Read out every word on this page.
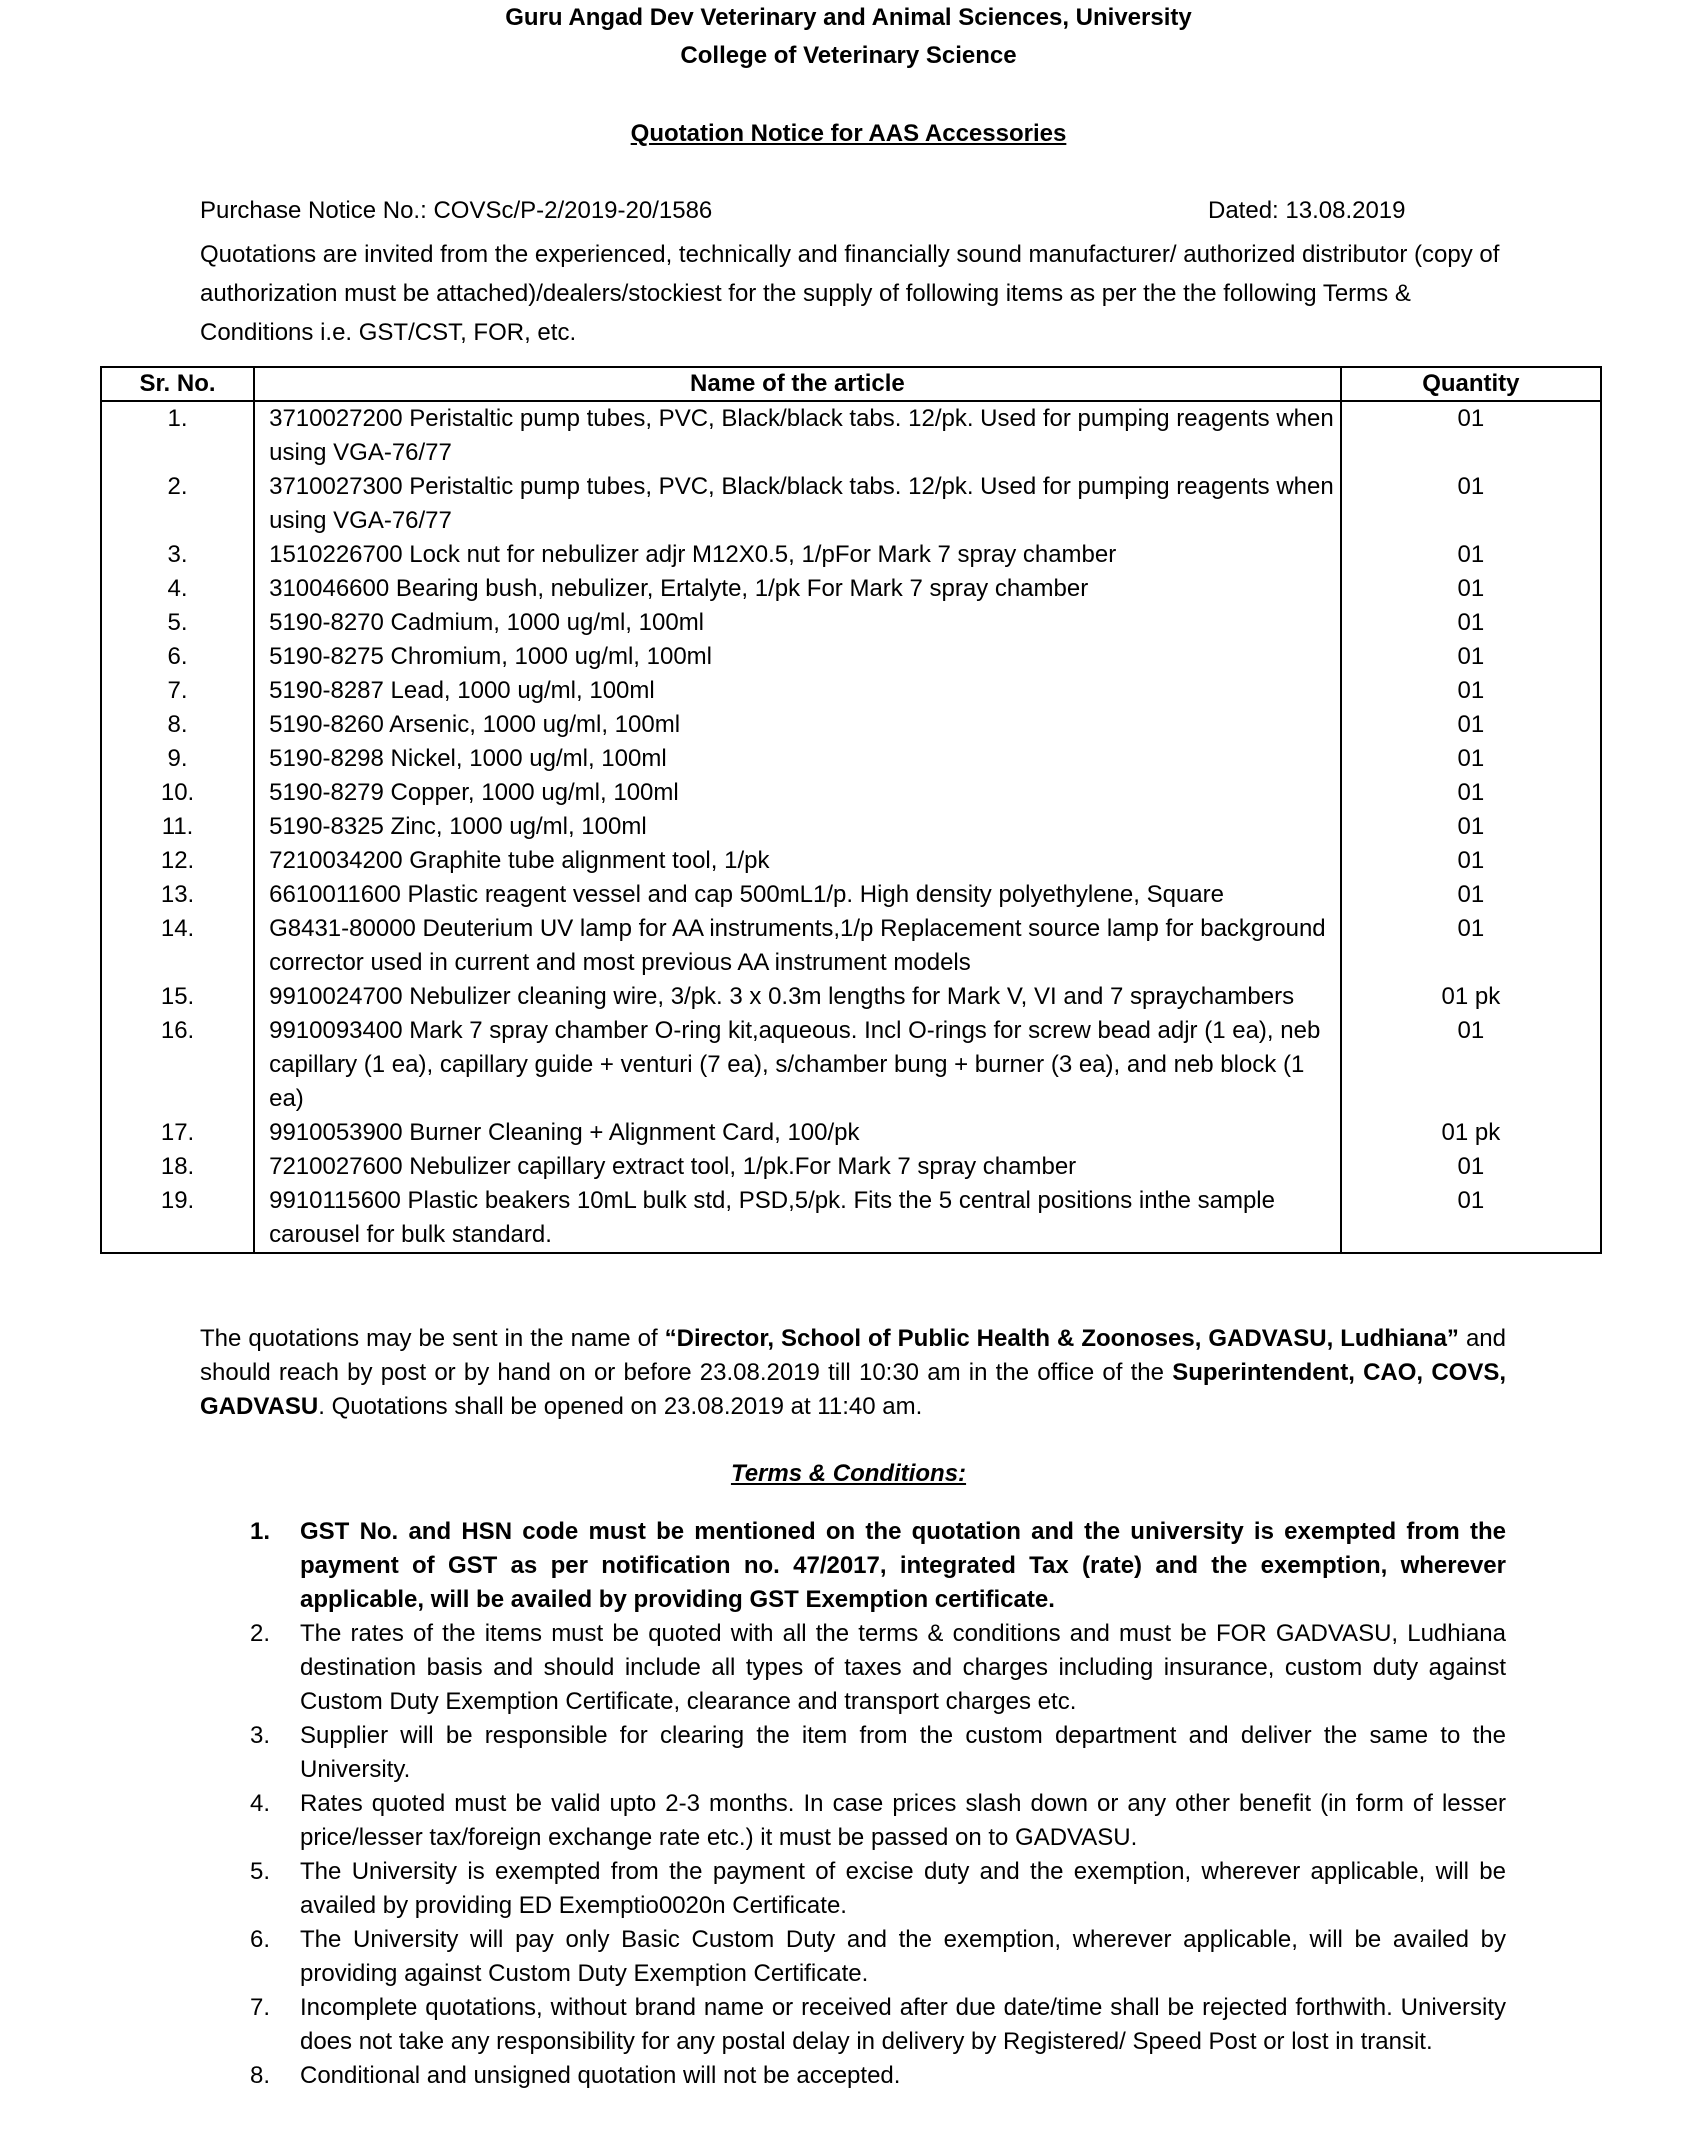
Guru Angad Dev Veterinary and Animal Sciences, University
College of Veterinary Science
Quotation Notice for AAS Accessories
Purchase Notice No.: COVSc/P-2/2019-20/1586	Dated: 13.08.2019
Quotations are invited from the experienced, technically and financially sound manufacturer/ authorized distributor (copy of authorization must be attached)/dealers/stockiest for the supply of following items as per the the following Terms & Conditions i.e. GST/CST, FOR, etc.
Sr. No.	Name of the article	Quantity
1.	3710027200 Peristaltic pump tubes, PVC, Black/black tabs. 12/pk. Used for pumping reagents when using VGA-76/77	01
2.	3710027300 Peristaltic pump tubes, PVC, Black/black tabs. 12/pk. Used for pumping reagents when using VGA-76/77	01
3.	1510226700 Lock nut for nebulizer adjr M12X0.5, 1/pFor Mark 7 spray chamber	01
4.	310046600 Bearing bush, nebulizer, Ertalyte, 1/pk For Mark 7 spray chamber	01
5.	5190-8270 Cadmium, 1000 ug/ml, 100ml	01
6.	5190-8275 Chromium, 1000 ug/ml, 100ml	01
7.	5190-8287 Lead, 1000 ug/ml, 100ml	01
8.	5190-8260 Arsenic, 1000 ug/ml, 100ml	01
9.	5190-8298 Nickel, 1000 ug/ml, 100ml	01
10.	5190-8279 Copper, 1000 ug/ml, 100ml	01
11.	5190-8325 Zinc, 1000 ug/ml, 100ml	01
12.	7210034200 Graphite tube alignment tool, 1/pk	01
13.	6610011600 Plastic reagent vessel and cap 500mL1/p. High density polyethylene, Square	01
14.	G8431-80000 Deuterium UV lamp for AA instruments,1/p Replacement source lamp for background corrector used in current and most previous AA instrument models	01
15.	9910024700 Nebulizer cleaning wire, 3/pk. 3 x 0.3m lengths for Mark V, VI and 7 spraychambers	01 pk
16.	9910093400 Mark 7 spray chamber O-ring kit,aqueous. Incl O-rings for screw bead adjr (1 ea), neb capillary (1 ea), capillary guide + venturi (7 ea), s/chamber bung + burner (3 ea), and neb block (1 ea)	01
17.	9910053900 Burner Cleaning + Alignment Card, 100/pk	01 pk
18.	7210027600 Nebulizer capillary extract tool, 1/pk.For Mark 7 spray chamber	01
19.	9910115600 Plastic beakers 10mL bulk std, PSD,5/pk. Fits the 5 central positions inthe sample carousel for bulk standard.	01
The quotations may be sent in the name of “Director, School of Public Health & Zoonoses, GADVASU, Ludhiana” and should reach by post or by hand on or before 23.08.2019 till 10:30 am in the office of the Superintendent, CAO, COVS, GADVASU. Quotations shall be opened on 23.08.2019 at 11:40 am.
Terms & Conditions:
1. GST No. and HSN code must be mentioned on the quotation and the university is exempted from the payment of GST as per notification no. 47/2017, integrated Tax (rate) and the exemption, wherever applicable, will be availed by providing GST Exemption certificate.
2. The rates of the items must be quoted with all the terms & conditions and must be FOR GADVASU, Ludhiana destination basis and should include all types of taxes and charges including insurance, custom duty against Custom Duty Exemption Certificate, clearance and transport charges etc.
3. Supplier will be responsible for clearing the item from the custom department and deliver the same to the University.
4. Rates quoted must be valid upto 2-3 months. In case prices slash down or any other benefit (in form of lesser price/lesser tax/foreign exchange rate etc.) it must be passed on to GADVASU.
5. The University is exempted from the payment of excise duty and the exemption, wherever applicable, will be availed by providing ED Exemptio0020n Certificate.
6. The University will pay only Basic Custom Duty and the exemption, wherever applicable, will be availed by providing against Custom Duty Exemption Certificate.
7. Incomplete quotations, without brand name or received after due date/time shall be rejected forthwith. University does not take any responsibility for any postal delay in delivery by Registered/ Speed Post or lost in transit.
8. Conditional and unsigned quotation will not be accepted.
